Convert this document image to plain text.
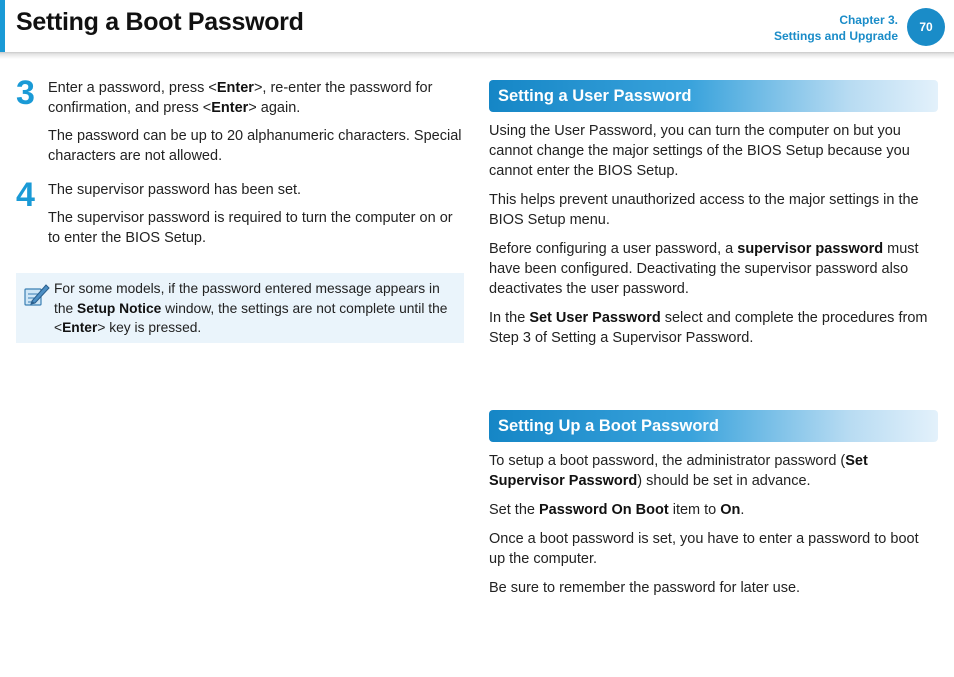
Setting a Boot Password	Chapter 3.
Settings and Upgrade
70
3 Enter a password, press <Enter>, re-enter the password for confirmation, and press <Enter> again.

The password can be up to 20 alphanumeric characters. Special characters are not allowed.

4 The supervisor password has been set.

The supervisor password is required to turn the computer on or to enter the BIOS Setup.

For some models, if the password entered message appears in the Setup Notice window, the settings are not complete until the <Enter> key is pressed.

Setting a User Password

Using the User Password, you can turn the computer on but you cannot change the major settings of the BIOS Setup because you cannot enter the BIOS Setup.

This helps prevent unauthorized access to the major settings in the BIOS Setup menu.

Before configuring a user password, a supervisor password must have been configured. Deactivating the supervisor password also deactivates the user password.

In the Set User Password select and complete the procedures from Step 3 of Setting a Supervisor Password.

Setting Up a Boot Password

To setup a boot password, the administrator password (Set Supervisor Password) should be set in advance.

Set the Password On Boot item to On.

Once a boot password is set, you have to enter a password to boot up the computer.

Be sure to remember the password for later use.
